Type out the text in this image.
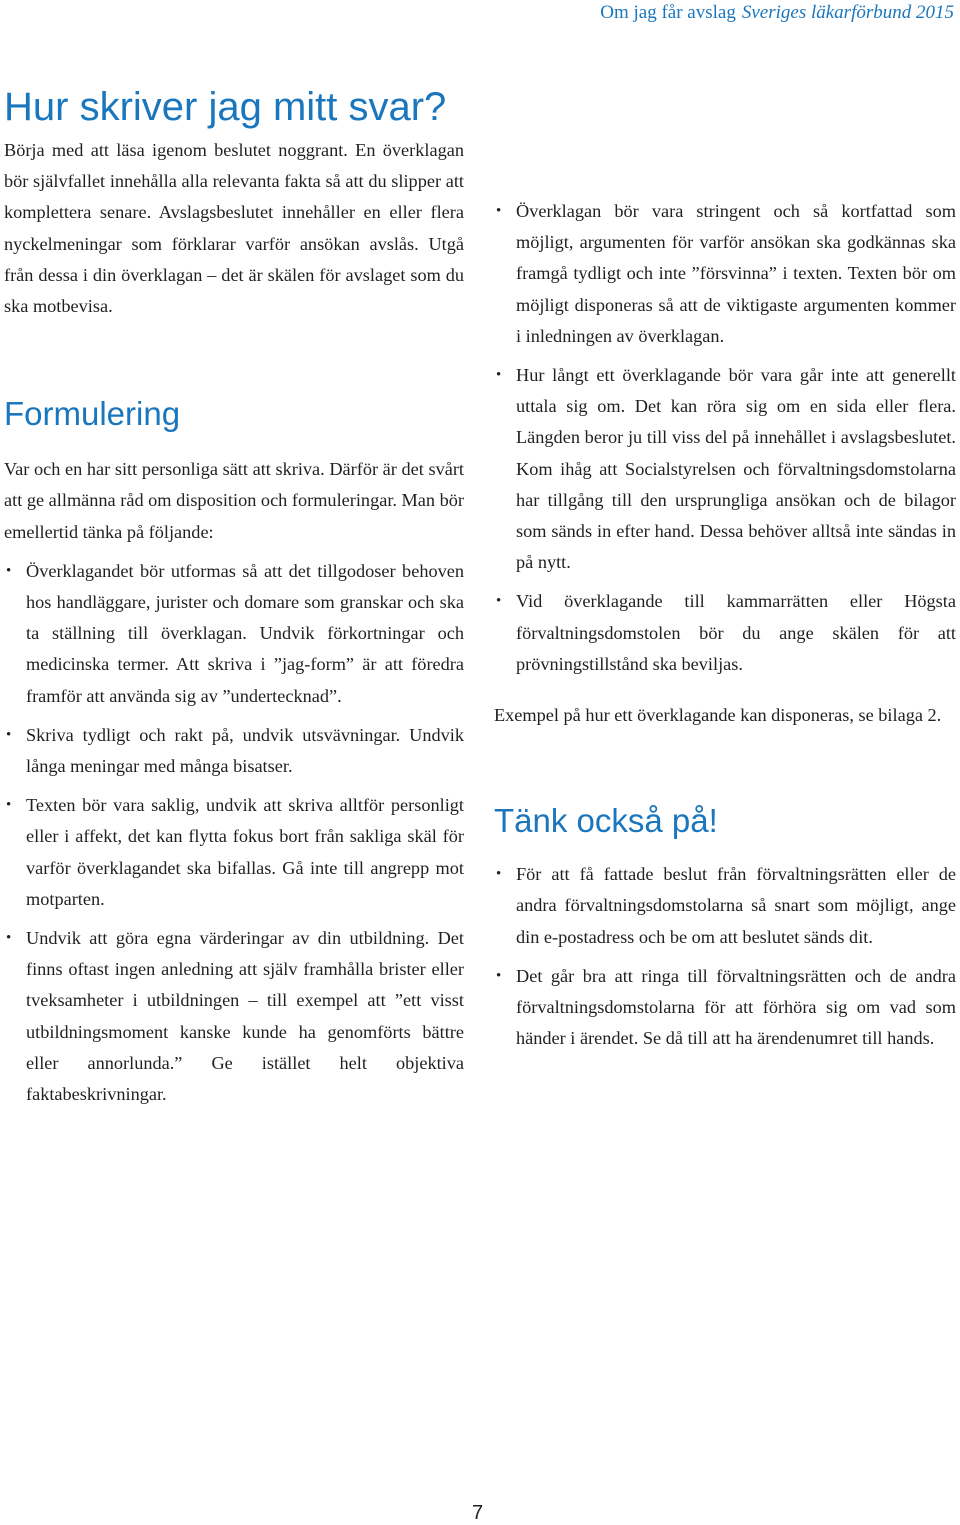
Om jag får avslag Sveriges läkarförbund 2015
Hur skriver jag mitt svar?

Börja med att läsa igenom beslutet noggrant. En överklagan bör självfallet innehålla alla relevanta fakta så att du slipper att komplettera senare. Avslagsbeslutet innehåller en eller flera nyckelmeningar som förklarar varför ansökan avslås. Utgå från dessa i din överklagan – det är skälen för avslaget som du ska motbevisa.

Formulering

Var och en har sitt personliga sätt att skriva. Därför är det svårt att ge allmänna råd om disposition och formuleringar. Man bör emellertid tänka på följande:

• Överklagandet bör utformas så att det tillgodoser behoven hos handläggare, jurister och domare som granskar och ska ta ställning till överklagan. Undvik förkortningar och medicinska termer. Att skriva i ”jag-form” är att föredra framför att använda sig av ”undertecknad”.
• Skriva tydligt och rakt på, undvik utsvävningar. Undvik långa meningar med många bisatser.
• Texten bör vara saklig, undvik att skriva alltför personligt eller i affekt, det kan flytta fokus bort från sakliga skäl för varför överklagandet ska bifallas. Gå inte till angrepp mot motparten.
• Undvik att göra egna värderingar av din utbildning. Det finns oftast ingen anledning att själv framhålla brister eller tveksamheter i utbildningen – till exempel att ”ett visst utbildningsmoment kanske kunde ha genomförts bättre eller annorlunda.” Ge istället helt objektiva faktabeskrivningar.
• Överklagan bör vara stringent och så kortfattad som möjligt, argumenten för varför ansökan ska godkännas ska framgå tydligt och inte ”försvinna” i texten. Texten bör om möjligt disponeras så att de viktigaste argumenten kommer i inledningen av överklagan.
• Hur långt ett överklagande bör vara går inte att generellt uttala sig om. Det kan röra sig om en sida eller flera. Längden beror ju till viss del på innehållet i avslagsbeslutet. Kom ihåg att Socialstyrelsen och förvaltningsdomstolarna har tillgång till den ursprungliga ansökan och de bilagor som sänds in efter hand. Dessa behöver alltså inte sändas in på nytt.
• Vid överklagande till kammarrätten eller Högsta förvaltningsdomstolen bör du ange skälen för att prövningstillstånd ska beviljas.

Exempel på hur ett överklagande kan disponeras, se bilaga 2.

Tänk också på!
• För att få fattade beslut från förvaltningsrätten eller de andra förvaltningsdomstolarna så snart som möjligt, ange din e-postadress och be om att beslutet sänds dit.
• Det går bra att ringa till förvaltningsrätten och de andra förvaltningsdomstolarna för att förhöra sig om vad som händer i ärendet. Se då till att ha ärendenumret till hands.
7
